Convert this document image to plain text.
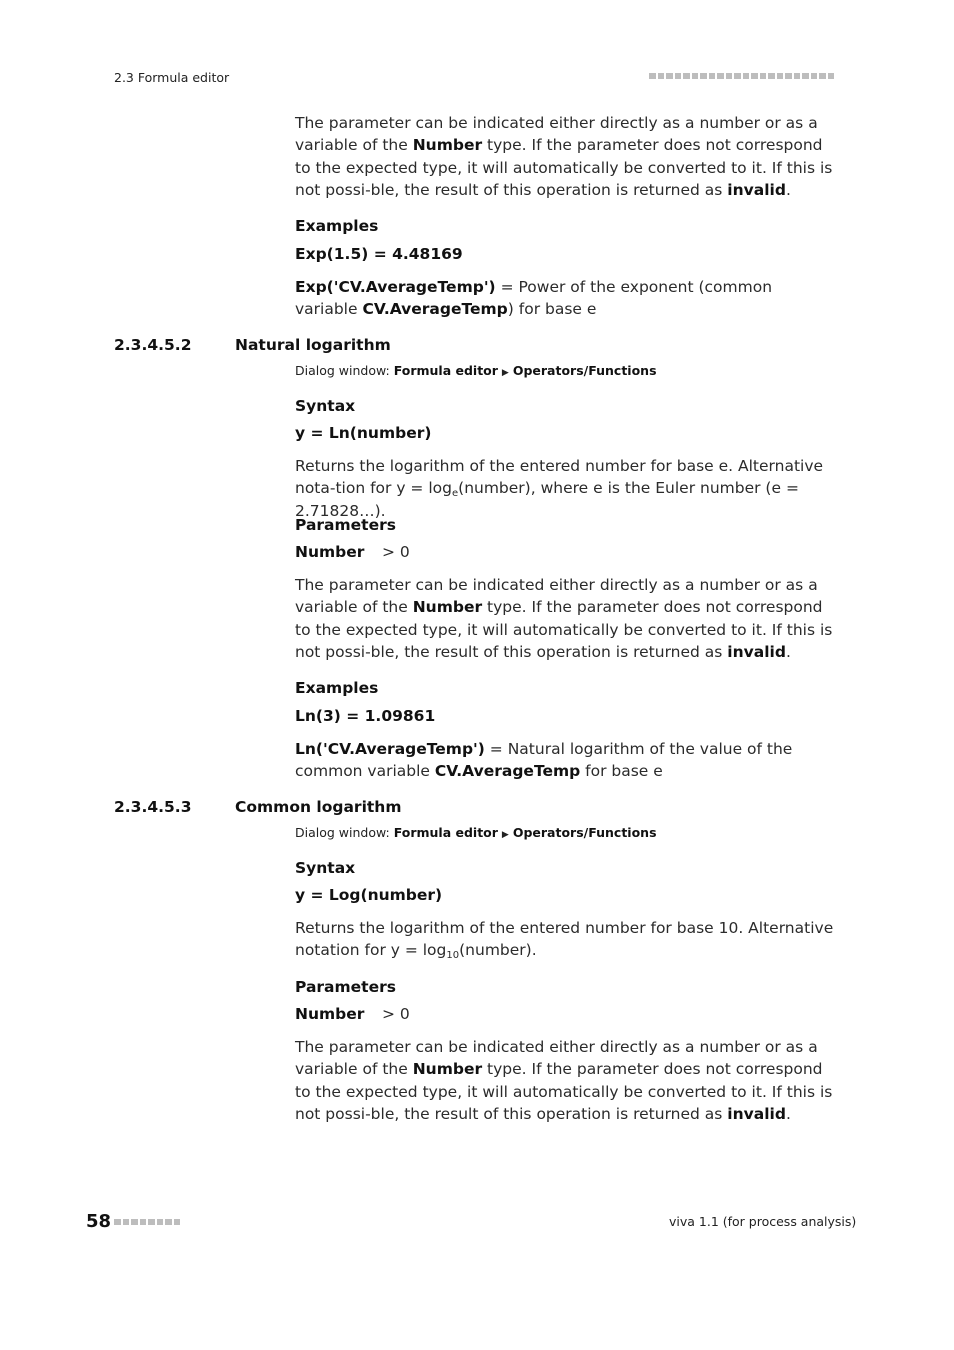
2.3 Formula editor
The parameter can be indicated either directly as a number or as a variable of the Number type. If the parameter does not correspond to the expected type, it will automatically be converted to it. If this is not possi-ble, the result of this operation is returned as invalid.
Examples
Exp(1.5) = 4.48169
Exp('CV.AverageTemp') = Power of the exponent (common variable CV.AverageTemp) for base e
2.3.4.5.2	Natural logarithm
Dialog window: Formula editor ▶ Operators/Functions
Syntax
y = Ln(number)
Returns the logarithm of the entered number for base e. Alternative nota-tion for $y = \log_e(number)$, where e is the Euler number (e = 2.71828…).
Parameters
Number > 0
The parameter can be indicated either directly as a number or as a variable of the Number type. If the parameter does not correspond to the expected type, it will automatically be converted to it. If this is not possi-ble, the result of this operation is returned as invalid.
Examples
Ln(3) = 1.09861
Ln('CV.AverageTemp') = Natural logarithm of the value of the common variable CV.AverageTemp for base e
2.3.4.5.3	Common logarithm
Dialog window: Formula editor ▶ Operators/Functions
Syntax
y = Log(number)
Returns the logarithm of the entered number for base 10. Alternative notation for $y = \log_{10}(number)$.
Parameters
Number > 0
The parameter can be indicated either directly as a number or as a variable of the Number type. If the parameter does not correspond to the expected type, it will automatically be converted to it. If this is not possi-ble, the result of this operation is returned as invalid.
58	viva 1.1 (for process analysis)
